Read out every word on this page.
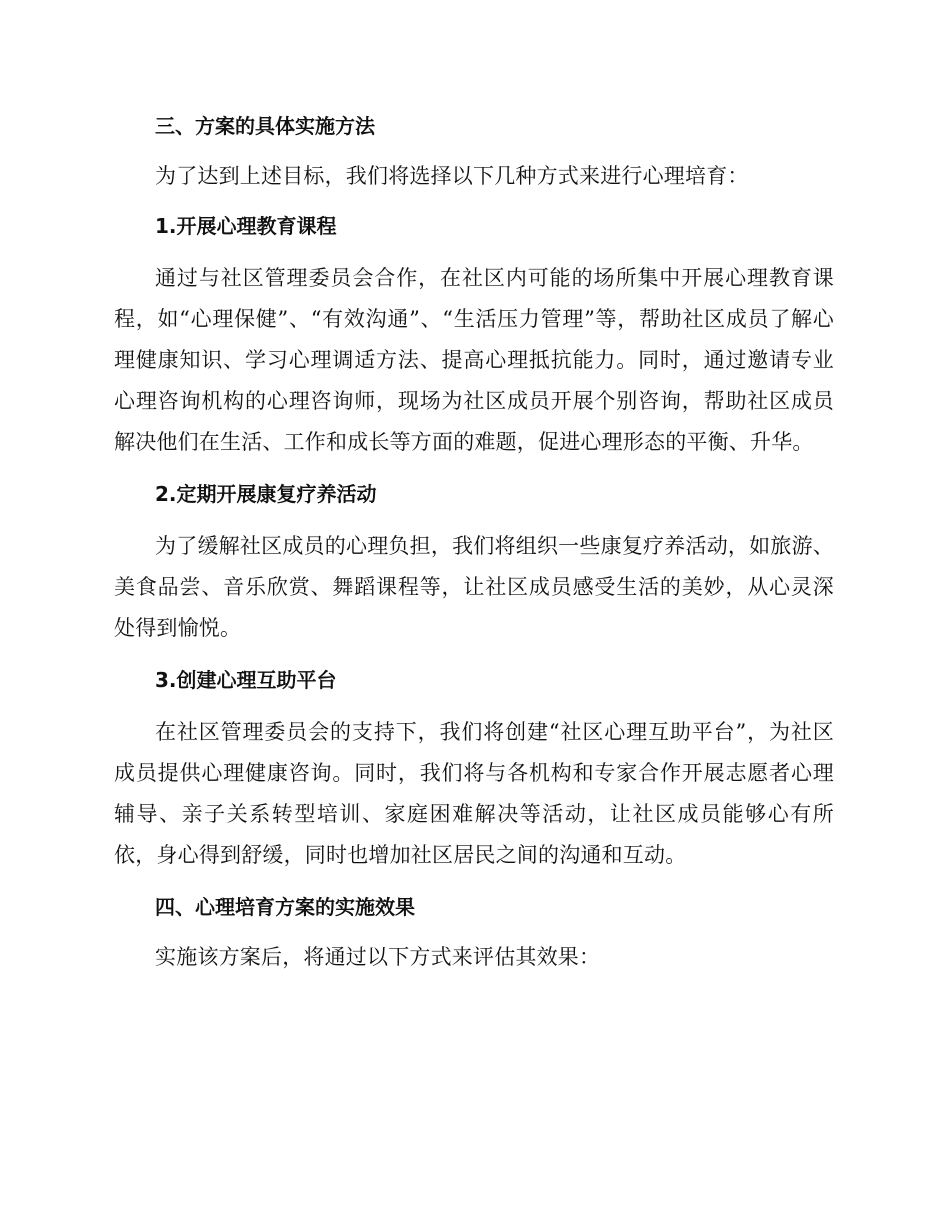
三、方案的具体实施方法

为了达到上述目标，我们将选择以下几种方式来进行心理培育：

1.开展心理教育课程

通过与社区管理委员会合作，在社区内可能的场所集中开展心理教育课程，如“心理保健”、“有效沟通”、“生活压力管理”等，帮助社区成员了解心理健康知识、学习心理调适方法、提高心理抵抗能力。同时，通过邀请专业心理咨询机构的心理咨询师，现场为社区成员开展个别咨询，帮助社区成员解决他们在生活、工作和成长等方面的难题，促进心理形态的平衡、升华。

2.定期开展康复疗养活动

为了缓解社区成员的心理负担，我们将组织一些康复疗养活动，如旅游、美食品尝、音乐欣赏、舞蹈课程等，让社区成员感受生活的美妙，从心灵深处得到愉悦。

3.创建心理互助平台

在社区管理委员会的支持下，我们将创建“社区心理互助平台”，为社区成员提供心理健康咨询。同时，我们将与各机构和专家合作开展志愿者心理辅导、亲子关系转型培训、家庭困难解决等活动，让社区成员能够心有所依，身心得到舒缓，同时也增加社区居民之间的沟通和互动。

四、心理培育方案的实施效果

实施该方案后，将通过以下方式来评估其效果：
